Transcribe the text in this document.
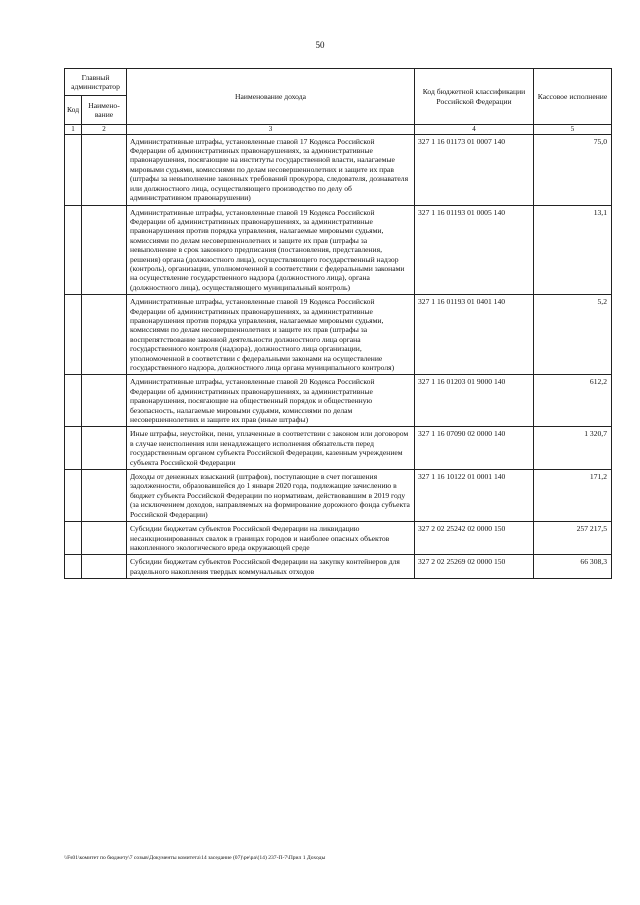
50
Главный администратор		Наименование дохода	Код бюджетной классификации Российской Федерации	Кассовое исполнение
Код	Наимено-вание			
1	2	3	4	5
		Административные штрафы, установленные главой 17 Кодекса Российской Федерации об административных правонарушениях, за административные правонарушения, посягающие на институты государственной власти, налагаемые мировыми судьями, комиссиями по делам несовершеннолетних и защите их прав (штрафы за невыполнение законных требований прокурора, следователя, дознавателя или должностного лица, осуществляющего производство по делу об административном правонарушении)	327 1 16 01173 01 0007 140	75,0
		Административные штрафы, установленные главой 19 Кодекса Российской Федерации об административных правонарушениях, за административные правонарушения против порядка управления, налагаемые мировыми судьями, комиссиями по делам несовершеннолетних и защите их прав (штрафы за невыполнение в срок законного предписания (постановления, представления, решения) органа (должностного лица), осуществляющего государственный надзор (контроль), организации, уполномоченной в соответствии с федеральными законами на осуществление государственного надзора (должностного лица), органа (должностного лица), осуществляющего муниципальный контроль)	327 1 16 01193 01 0005 140	13,1
		Административные штрафы, установленные главой 19 Кодекса Российской Федерации об административных правонарушениях, за административные правонарушения против порядка управления, налагаемые мировыми судьями, комиссиями по делам несовершеннолетних и защите их прав (штрафы за воспрепятствование законной деятельности должностного лица органа государственного контроля (надзора), должностного лица организации, уполномоченной в соответствии с федеральными законами на осуществление государственного надзора, должностного лица органа муниципального контроля)	327 1 16 01193 01 0401 140	5,2
		Административные штрафы, установленные главой 20 Кодекса Российской Федерации об административных правонарушениях, за административные правонарушения, посягающие на общественный порядок и общественную безопасность, налагаемые мировыми судьями, комиссиями по делам несовершеннолетних и защите их прав (иные штрафы)	327 1 16 01203 01 9000 140	612,2
		Иные штрафы, неустойки, пени, уплаченные в соответствии с законом или договором в случае неисполнения или ненадлежащего исполнения обязательств перед государственным органом субъекта Российской Федерации, казенным учреждением субъекта Российской Федерации	327 1 16 07090 02 0000 140	1 320,7
		Доходы от денежных взысканий (штрафов), поступающие в счет погашения задолженности, образовавшейся до 1 января 2020 года, подлежащие зачислению в бюджет субъекта Российской Федерации по нормативам, действовавшим в 2019 году (за исключением доходов, направляемых на формирование дорожного фонда субъекта Российской Федерации)	327 1 16 10122 01 0001 140	171,2
		Субсидии бюджетам субъектов Российской Федерации на ликвидацию несанкционированных свалок в границах городов и наиболее опасных объектов накопленного экологического вреда окружающей среде	327 2 02 25242 02 0000 150	257 217,5
		Субсидии бюджетам субъектов Российской Федерации на закупку контейнеров для раздельного накопления твердых коммунальных отходов	327 2 02 25269 02 0000 150	66 308,3
\\Fs01\комитет по бюджету\7 созыв\Документы комитета\14 заседание (07)\ре\ра\(14) 237-П-7\Прил 1 Доходы
